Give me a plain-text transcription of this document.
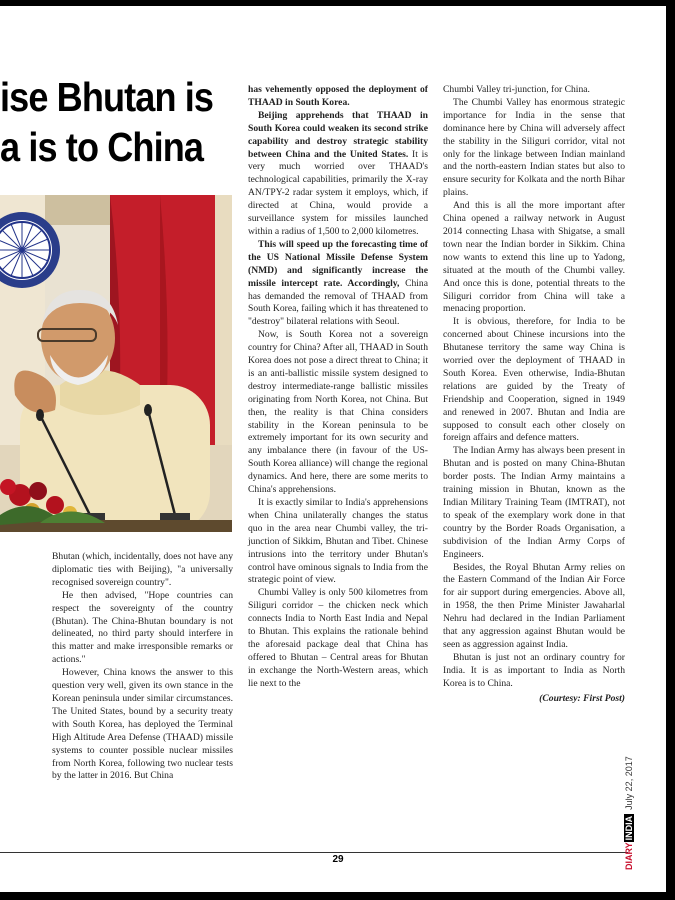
ise Bhutan is
a is to China

Bhutan (which, incidentally, does not have any diplomatic ties with Beijing), "a universally recognised sovereign country".

He then advised, "Hope countries can respect the sovereignty of the country (Bhutan). The China-Bhutan boundary is not delineated, no third party should interfere in this matter and make irresponsible remarks or actions."

However, China knows the answer to this question very well, given its own stance in the Korean peninsula under similar circumstances. The United States, bound by a security treaty with South Korea, has deployed the Terminal High Altitude Area Defense (THAAD) missile systems to counter possible nuclear missiles from North Korea, following two nuclear tests by the latter in 2016. But China

has vehemently opposed the deployment of THAAD in South Korea.

Beijing apprehends that THAAD in South Korea could weaken its second strike capability and destroy strategic stability between China and the United States. It is very much worried over THAAD's technological capabilities, primarily the X-ray AN/TPY-2 radar system it employs, which, if directed at China, would provide a surveillance system for missiles launched within a radius of 1,500 to 2,000 kilometres.

This will speed up the forecasting time of the US National Missile Defense System (NMD) and significantly increase the missile intercept rate. Accordingly, China has demanded the removal of THAAD from South Korea, failing which it has threatened to "destroy" bilateral relations with Seoul.

Now, is South Korea not a sovereign country for China? After all, THAAD in South Korea does not pose a direct threat to China; it is an anti-ballistic missile system designed to destroy intermediate-range ballistic missiles originating from North Korea, not China. But then, the reality is that China considers stability in the Korean peninsula to be extremely important for its own security and any imbalance there (in favour of the US-South Korea alliance) will change the regional dynamics. And here, there are some merits to China's apprehensions.

It is exactly similar to India's apprehensions when China unilaterally changes the status quo in the area near Chumbi valley, the tri-junction of Sikkim, Bhutan and Tibet. Chinese intrusions into the territory under Bhutan's control have ominous signals to India from the strategic point of view.

Chumbi Valley is only 500 kilometres from Siliguri corridor – the chicken neck which connects India to North East India and Nepal to Bhutan. This explains the rationale behind the aforesaid package deal that China has offered to Bhutan – Central areas for Bhutan in exchange the North-Western areas, which lie next to the

Chumbi Valley tri-junction, for China.

The Chumbi Valley has enormous strategic importance for India in the sense that dominance here by China will adversely affect the stability in the Siliguri corridor, vital not only for the linkage between Indian mainland and the north-eastern Indian states but also to ensure security for Kolkata and the north Bihar plains.

And this is all the more important after China opened a railway network in August 2014 connecting Lhasa with Shigatse, a small town near the Indian border in Sikkim. China now wants to extend this line up to Yadong, situated at the mouth of the Chumbi valley. And once this is done, potential threats to the Siliguri corridor from China will take a menacing proportion.

It is obvious, therefore, for India to be concerned about Chinese incursions into the Bhutanese territory the same way China is worried over the deployment of THAAD in South Korea. Even otherwise, India-Bhutan relations are guided by the Treaty of Friendship and Cooperation, signed in 1949 and renewed in 2007. Bhutan and India are supposed to consult each other closely on foreign affairs and defence matters.

The Indian Army has always been present in Bhutan and is posted on many China-Bhutan border posts. The Indian Army maintains a training mission in Bhutan, known as the Indian Military Training Team (IMTRAT), not to speak of the exemplary work done in that country by the Border Roads Organisation, a subdivision of the Indian Army Corps of Engineers.

Besides, the Royal Bhutan Army relies on the Eastern Command of the Indian Air Force for air support during emergencies. Above all, in 1958, the then Prime Minister Jawaharlal Nehru had declared in the Indian Parliament that any aggression against Bhutan would be seen as aggression against India.

Bhutan is just not an ordinary country for India. It is as important to India as North Korea is to China.

(Courtesy: First Post)
29	DIARYINDIAJuly 22, 2017
